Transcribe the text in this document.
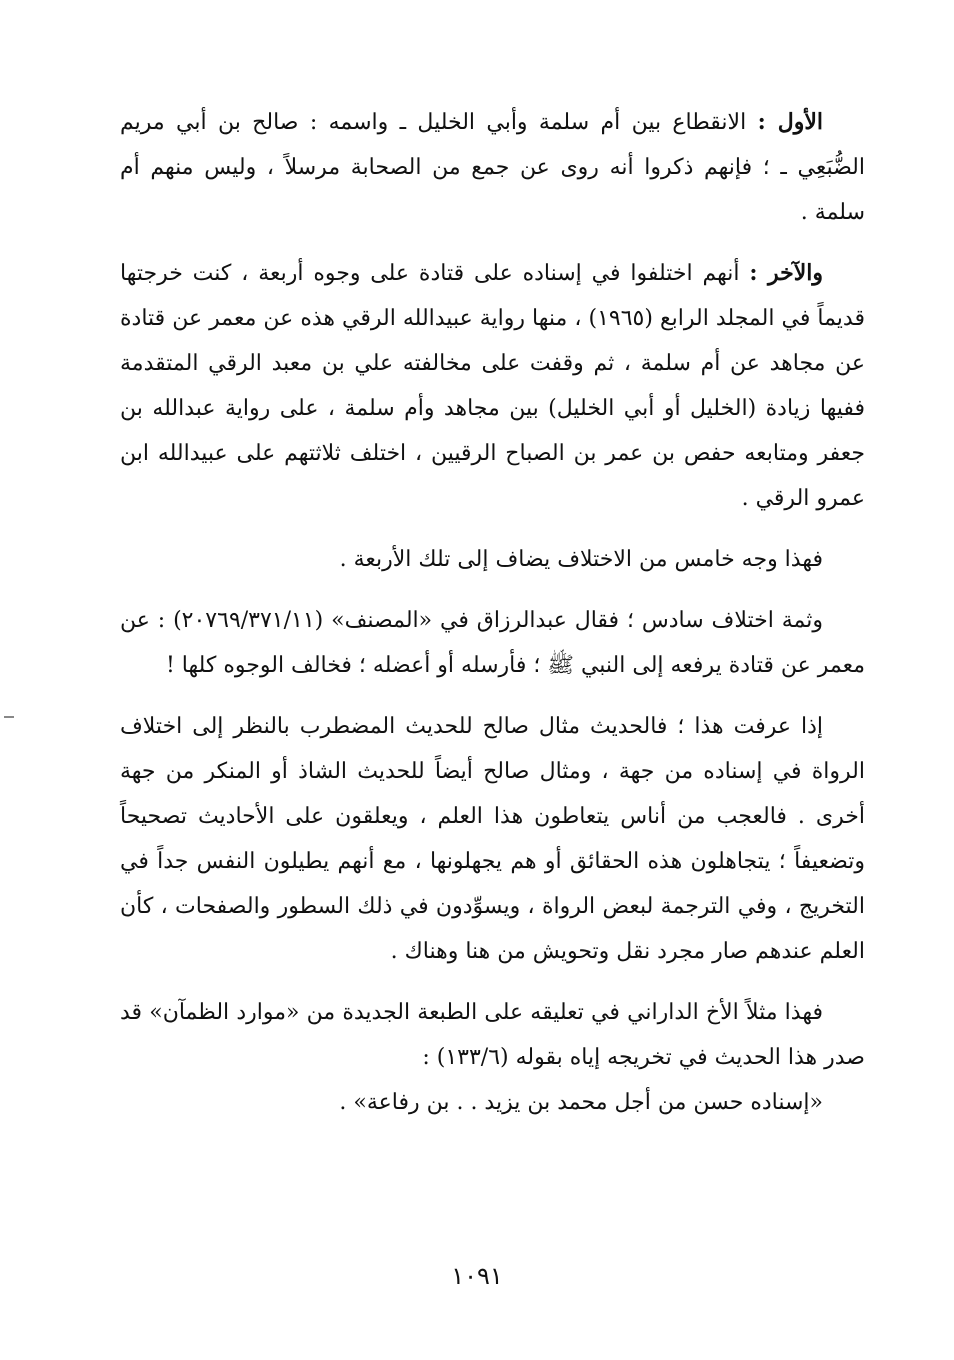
الأول : الانقطاع بين أم سلمة وأبي الخليل ـ واسمه : صالح بن أبي مريم الضُّبَعِي ـ ؛ فإنهم ذكروا أنه روى عن جمع من الصحابة مرسلاً ، وليس منهم أم سلمة .

والآخر : أنهم اختلفوا في إسناده على قتادة على وجوه أربعة ، كنت خرجتها قديماً في المجلد الرابع (١٩٦٥) ، منها رواية عبيدالله الرقي هذه عن معمر عن قتادة عن مجاهد عن أم سلمة ، ثم وقفت على مخالفته علي بن معبد الرقي المتقدمة ففيها زيادة (الخليل أو أبي الخليل) بين مجاهد وأم سلمة ، على رواية عبدالله بن جعفر ومتابعه حفص بن عمر بن الصباح الرقيين ، اختلف ثلاثتهم على عبيدالله ابن عمرو الرقي .

فهذا وجه خامس من الاختلاف يضاف إلى تلك الأربعة .

وثمة اختلاف سادس ؛ فقال عبدالرزاق في «المصنف» (٢٠٧٦٩/٣٧١/١١) : عن معمر عن قتادة يرفعه إلى النبي ﷺ ؛ فأرسله أو أعضله ؛ فخالف الوجوه كلها !

إذا عرفت هذا ؛ فالحديث مثال صالح للحديث المضطرب بالنظر إلى اختلاف الرواة في إسناده من جهة ، ومثال صالح أيضاً للحديث الشاذ أو المنكر من جهة أخرى . فالعجب من أناس يتعاطون هذا العلم ، ويعلقون على الأحاديث تصحيحاً وتضعيفاً ؛ يتجاهلون هذه الحقائق أو هم يجهلونها ، مع أنهم يطيلون النفس جداً في التخريج ، وفي الترجمة لبعض الرواة ، ويسوِّدون في ذلك السطور والصفحات ، كأن العلم عندهم صار مجرد نقل وتحويش من هنا وهناك .

فهذا مثلاً الأخ الداراني في تعليقه على الطبعة الجديدة من «موارد الظمآن» قد صدر هذا الحديث في تخريجه إياه بقوله (١٣٣/٦) :

«إسناده حسن من أجل محمد بن يزيد . . بن رفاعة» .

١٠٩١
